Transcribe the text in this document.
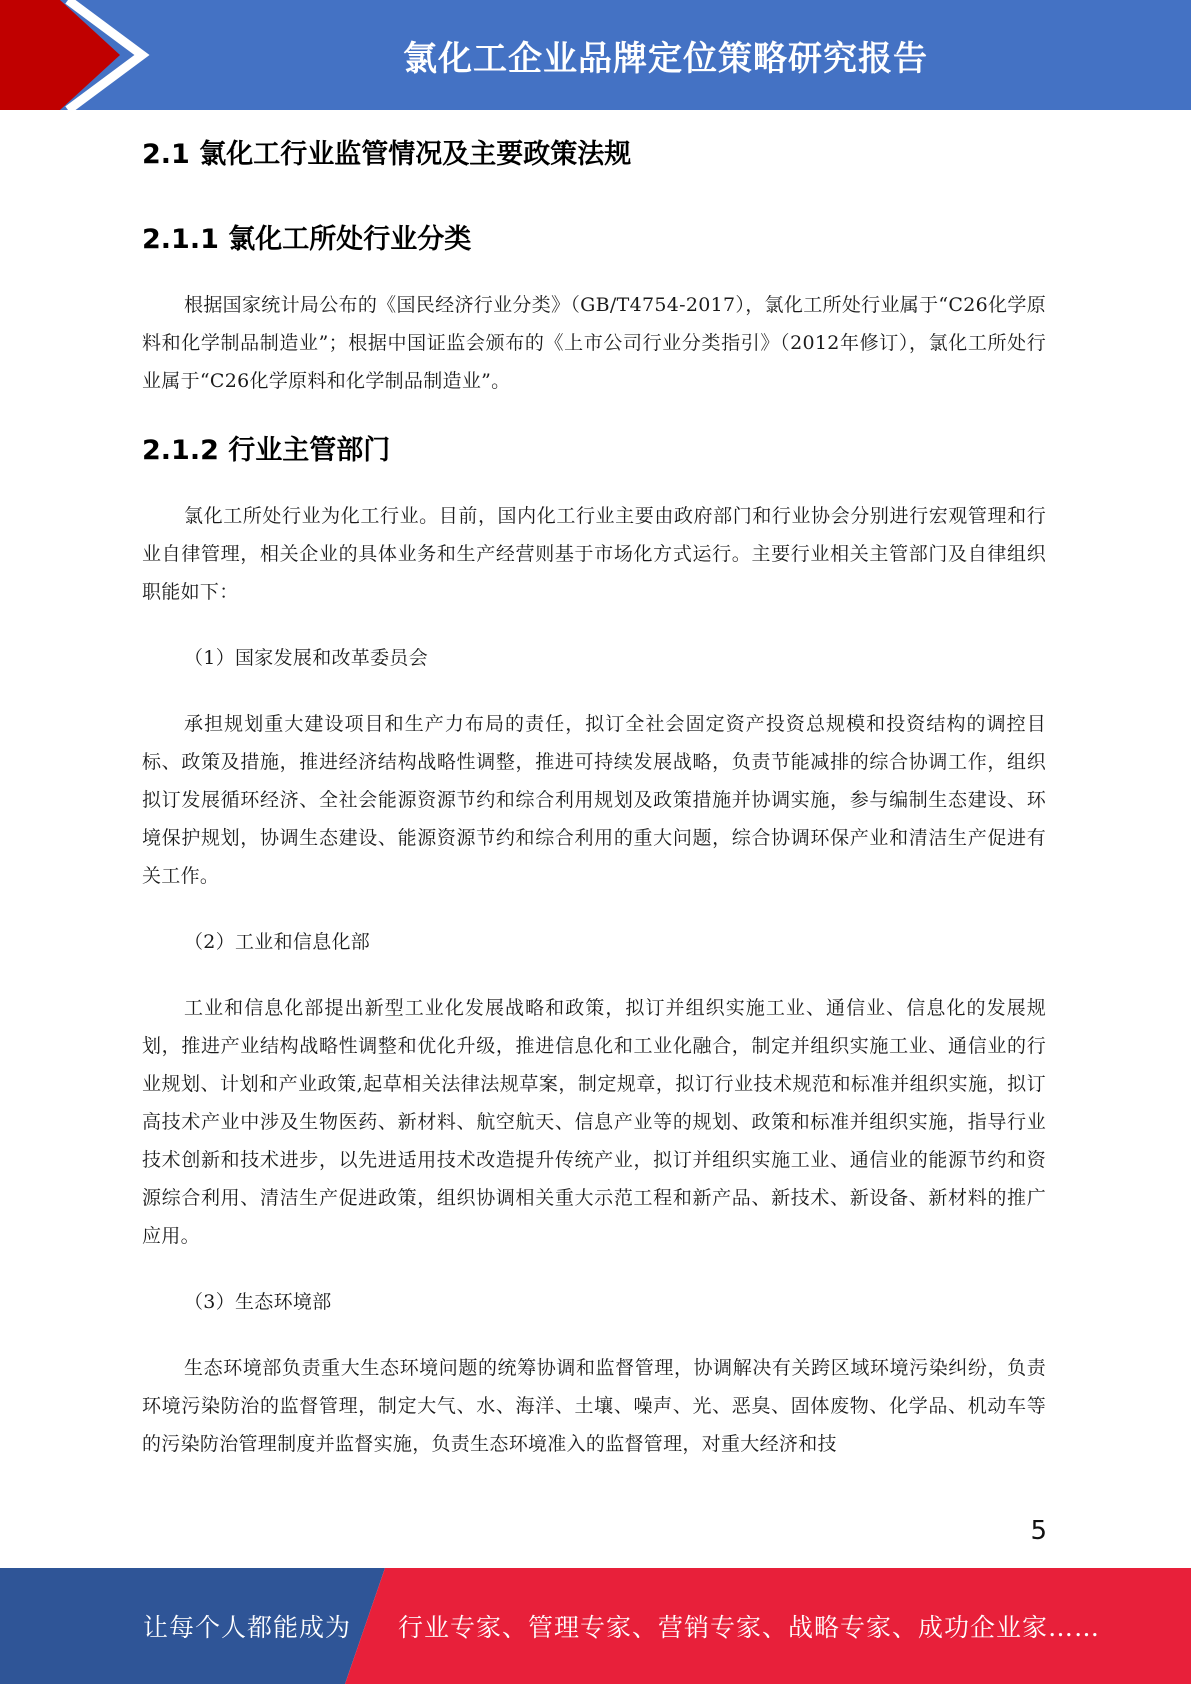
氯化工企业品牌定位策略研究报告
2.1 氯化工行业监管情况及主要政策法规
2.1.1 氯化工所处行业分类

根据国家统计局公布的《国民经济行业分类》（GB/T4754-2017），氯化工所处行业属于“C26化学原料和化学制品制造业”；根据中国证监会颁布的《上市公司行业分类指引》（2012年修订），氯化工所处行业属于“C26化学原料和化学制品制造业”。

2.1.2 行业主管部门

氯化工所处行业为化工行业。目前，国内化工行业主要由政府部门和行业协会分别进行宏观管理和行业自律管理，相关企业的具体业务和生产经营则基于市场化方式运行。主要行业相关主管部门及自律组织职能如下：

（1）国家发展和改革委员会

承担规划重大建设项目和生产力布局的责任，拟订全社会固定资产投资总规模和投资结构的调控目标、政策及措施，推进经济结构战略性调整，推进可持续发展战略，负责节能减排的综合协调工作，组织拟订发展循环经济、全社会能源资源节约和综合利用规划及政策措施并协调实施，参与编制生态建设、环境保护规划，协调生态建设、能源资源节约和综合利用的重大问题，综合协调环保产业和清洁生产促进有关工作。

（2）工业和信息化部

工业和信息化部提出新型工业化发展战略和政策，拟订并组织实施工业、通信业、信息化的发展规划，推进产业结构战略性调整和优化升级，推进信息化和工业化融合，制定并组织实施工业、通信业的行业规划、计划和产业政策,起草相关法律法规草案，制定规章，拟订行业技术规范和标准并组织实施，拟订高技术产业中涉及生物医药、新材料、航空航天、信息产业等的规划、政策和标准并组织实施，指导行业技术创新和技术进步，以先进适用技术改造提升传统产业，拟订并组织实施工业、通信业的能源节约和资源综合利用、清洁生产促进政策，组织协调相关重大示范工程和新产品、新技术、新设备、新材料的推广应用。

（3）生态环境部

生态环境部负责重大生态环境问题的统筹协调和监督管理，协调解决有关跨区域环境污染纠纷，负责环境污染防治的监督管理，制定大气、水、海洋、土壤、噪声、光、恶臭、固体废物、化学品、机动车等的污染防治管理制度并监督实施，负责生态环境准入的监督管理，对重大经济和技

5
让每个人都能成为 行业专家、管理专家、营销专家、战略专家、成功企业家……
